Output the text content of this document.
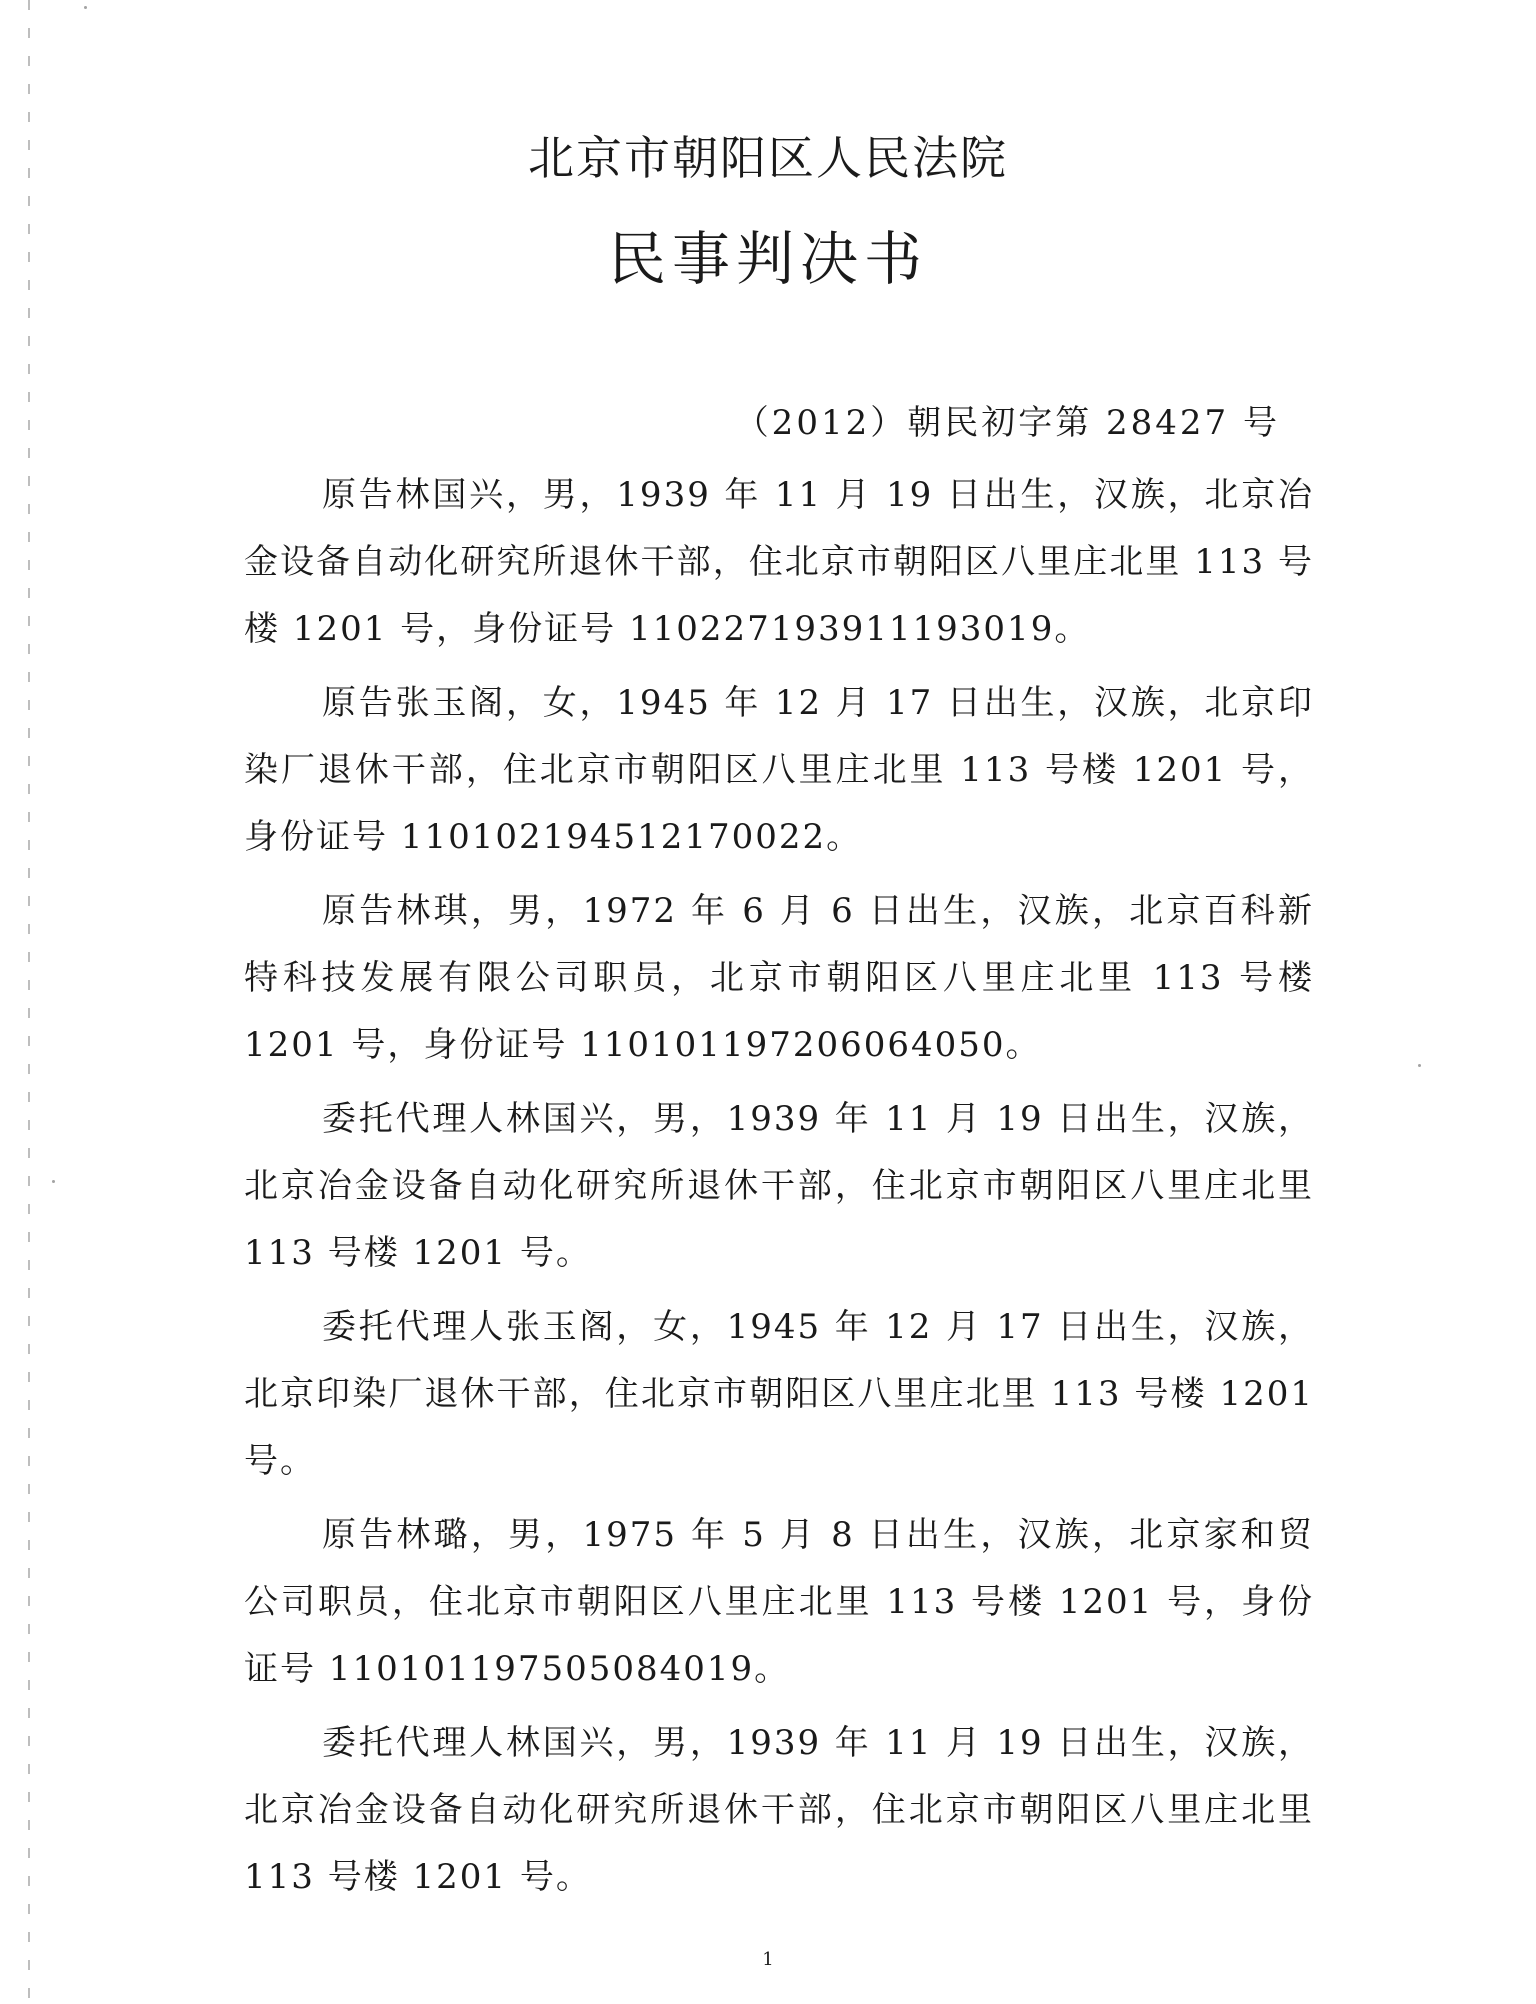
北京市朝阳区人民法院
民事判决书

（2012）朝民初字第 28427 号

原告林国兴，男，1939 年 11 月 19 日出生，汉族，北京冶金设备自动化研究所退休干部，住北京市朝阳区八里庄北里 113 号楼 1201 号，身份证号 110227193911193019。

原告张玉阁，女，1945 年 12 月 17 日出生，汉族，北京印染厂退休干部，住北京市朝阳区八里庄北里 113 号楼 1201 号，身份证号 110102194512170022。

原告林琪，男，1972 年 6 月 6 日出生，汉族，北京百科新特科技发展有限公司职员，北京市朝阳区八里庄北里 113 号楼 1201 号，身份证号 110101197206064050。

委托代理人林国兴，男，1939 年 11 月 19 日出生，汉族，北京冶金设备自动化研究所退休干部，住北京市朝阳区八里庄北里 113 号楼 1201 号。

委托代理人张玉阁，女，1945 年 12 月 17 日出生，汉族，北京印染厂退休干部，住北京市朝阳区八里庄北里 113 号楼 1201 号。

原告林璐，男，1975 年 5 月 8 日出生，汉族，北京家和贸公司职员，住北京市朝阳区八里庄北里 113 号楼 1201 号，身份证号 110101197505084019。

委托代理人林国兴，男，1939 年 11 月 19 日出生，汉族，北京冶金设备自动化研究所退休干部，住北京市朝阳区八里庄北里 113 号楼 1201 号。

1
